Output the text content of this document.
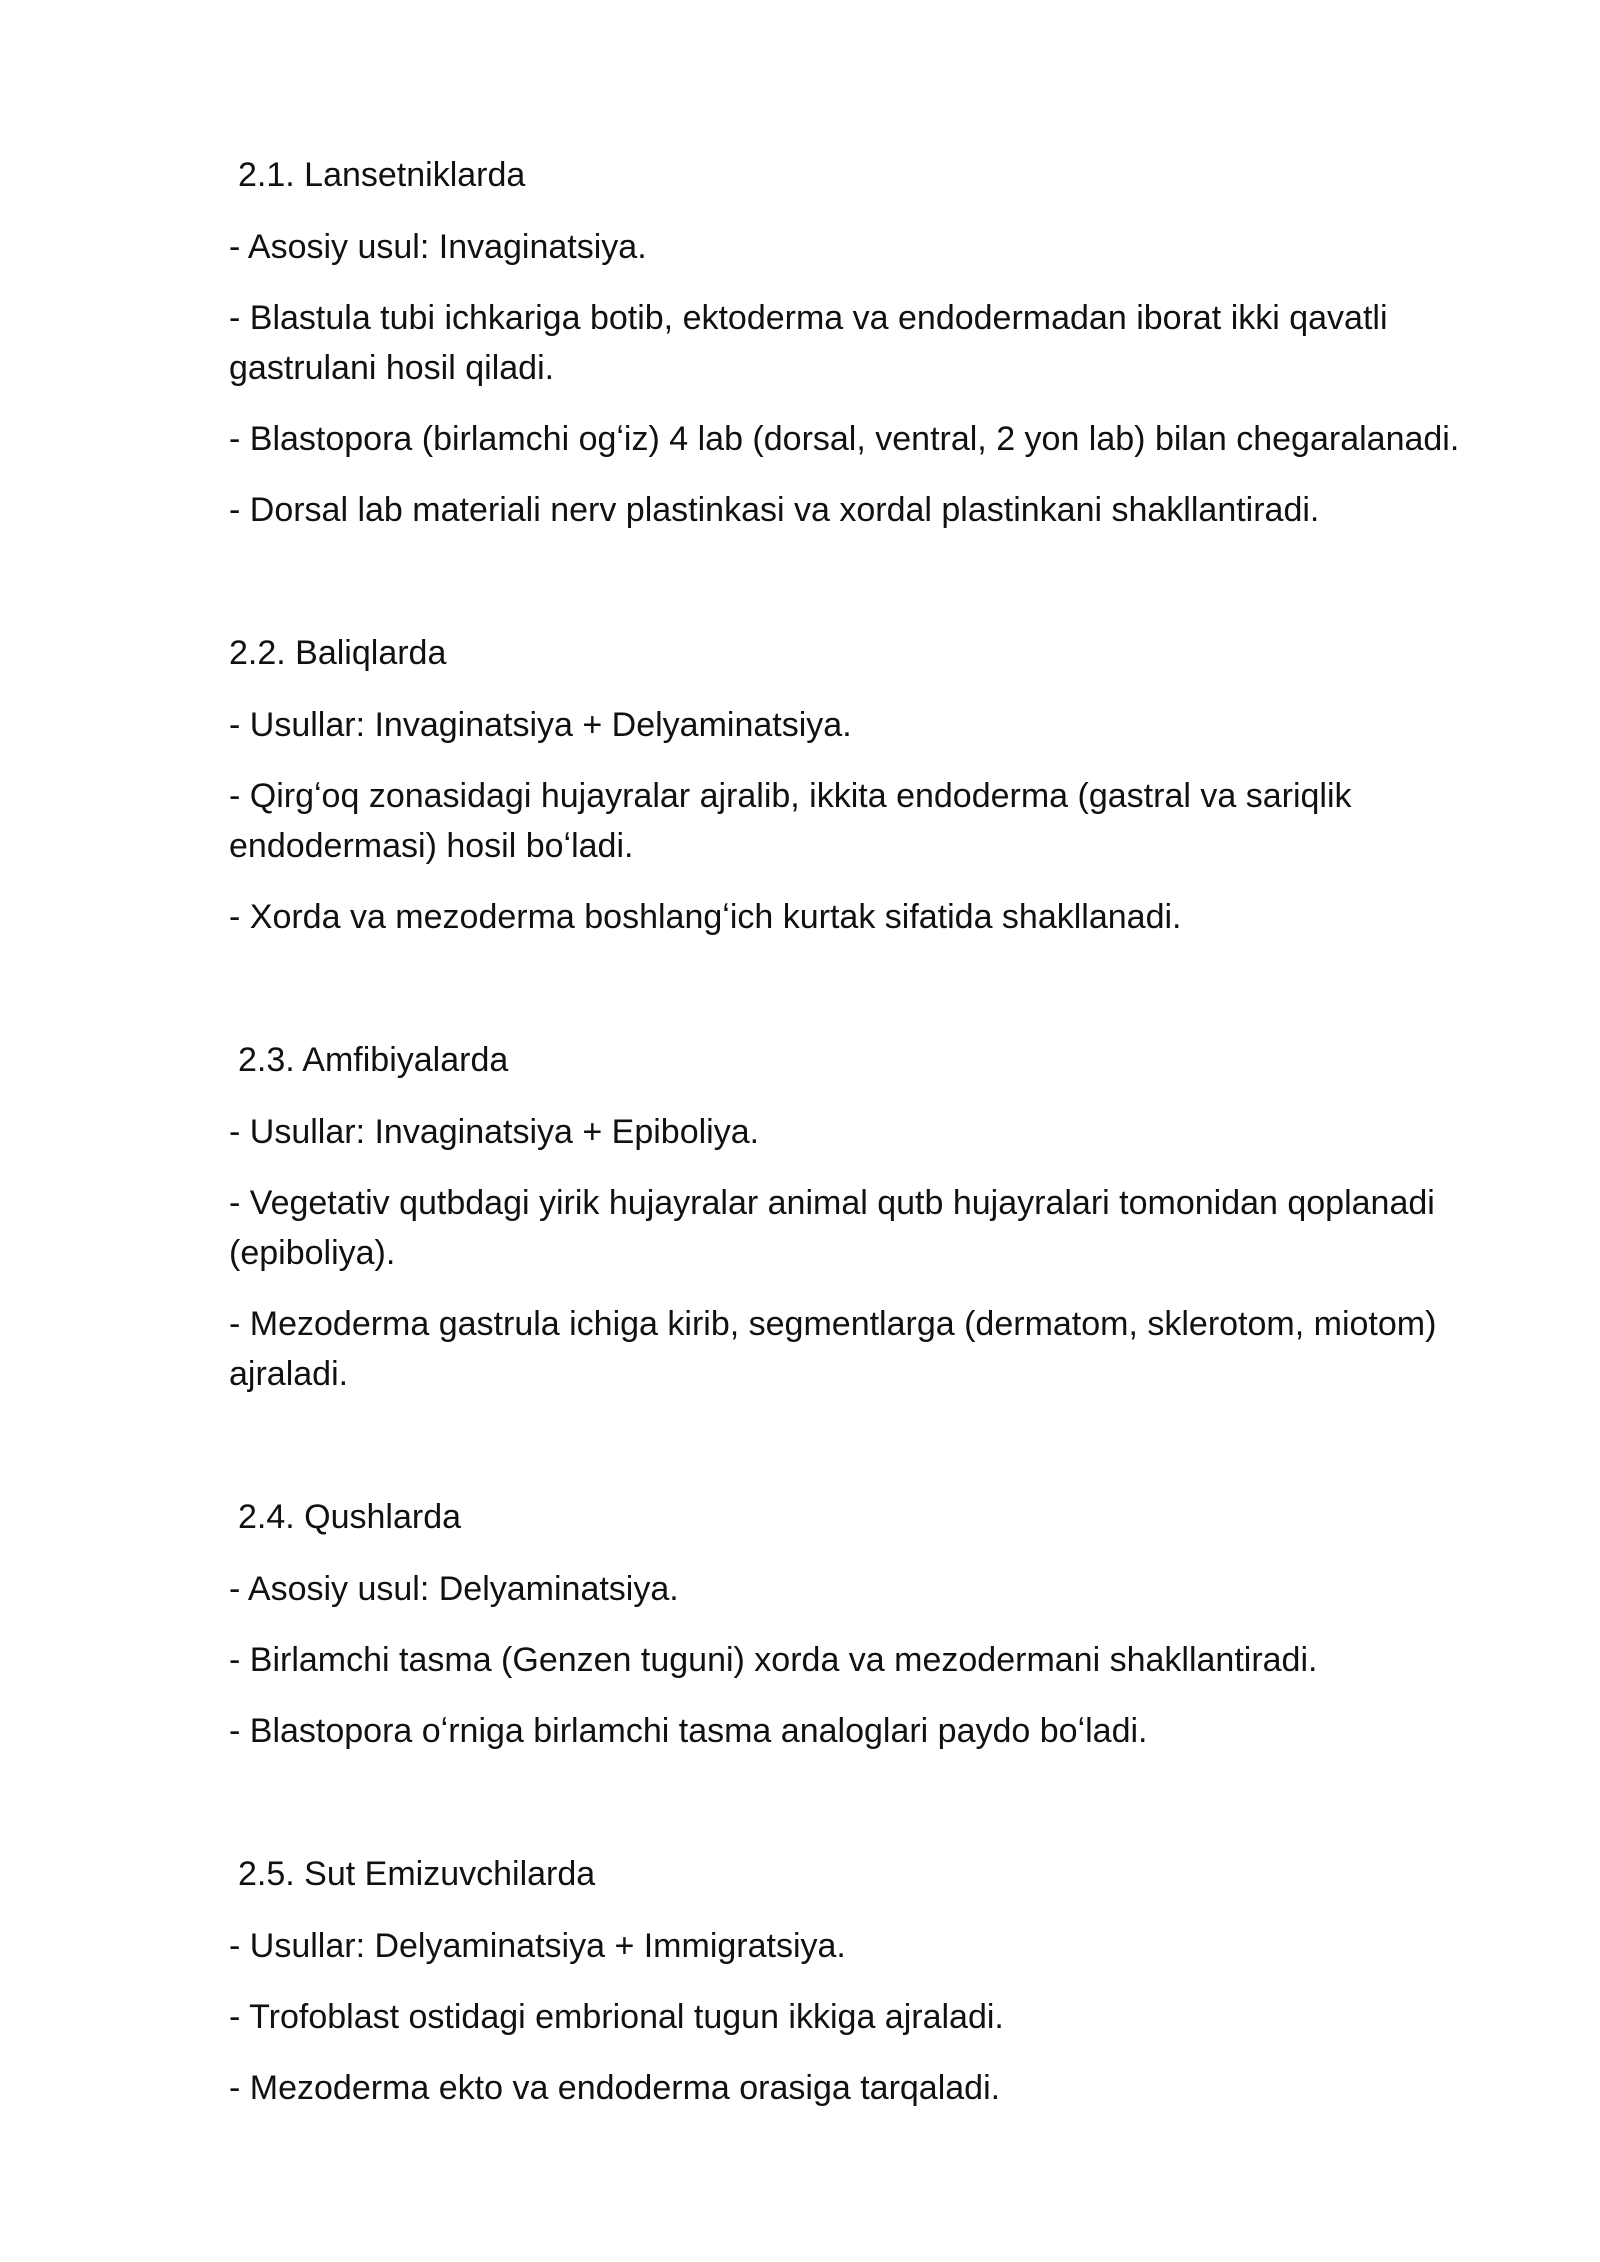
2.1. Lansetniklarda
- Asosiy usul: Invaginatsiya.
- Blastula tubi ichkariga botib, ektoderma va endodermadan iborat ikki qavatli gastrulani hosil qiladi.
- Blastopora (birlamchi ogʻiz) 4 lab (dorsal, ventral, 2 yon lab) bilan chegaralanadi.
- Dorsal lab materiali nerv plastinkasi va xordal plastinkani shakllantiradi.
2.2. Baliqlarda
- Usullar: Invaginatsiya + Delyaminatsiya.
- Qirgʻoq zonasidagi hujayralar ajralib, ikkita endoderma (gastral va sariqlik endodermasi) hosil boʻladi.
- Xorda va mezoderma boshlangʻich kurtak sifatida shakllanadi.
2.3. Amfibiyalarda
- Usullar: Invaginatsiya + Epiboliya.
- Vegetativ qutbdagi yirik hujayralar animal qutb hujayralari tomonidan qoplanadi (epiboliya).
- Mezoderma gastrula ichiga kirib, segmentlarga (dermatom, sklerotom, miotom) ajraladi.
2.4. Qushlarda
- Asosiy usul: Delyaminatsiya.
- Birlamchi tasma (Genzen tuguni) xorda va mezodermani shakllantiradi.
- Blastopora oʻrniga birlamchi tasma analoglari paydo boʻladi.
2.5. Sut Emizuvchilarda
- Usullar: Delyaminatsiya + Immigratsiya.
- Trofoblast ostidagi embrional tugun ikkiga ajraladi.
- Mezoderma ekto va endoderma orasiga tarqaladi.
